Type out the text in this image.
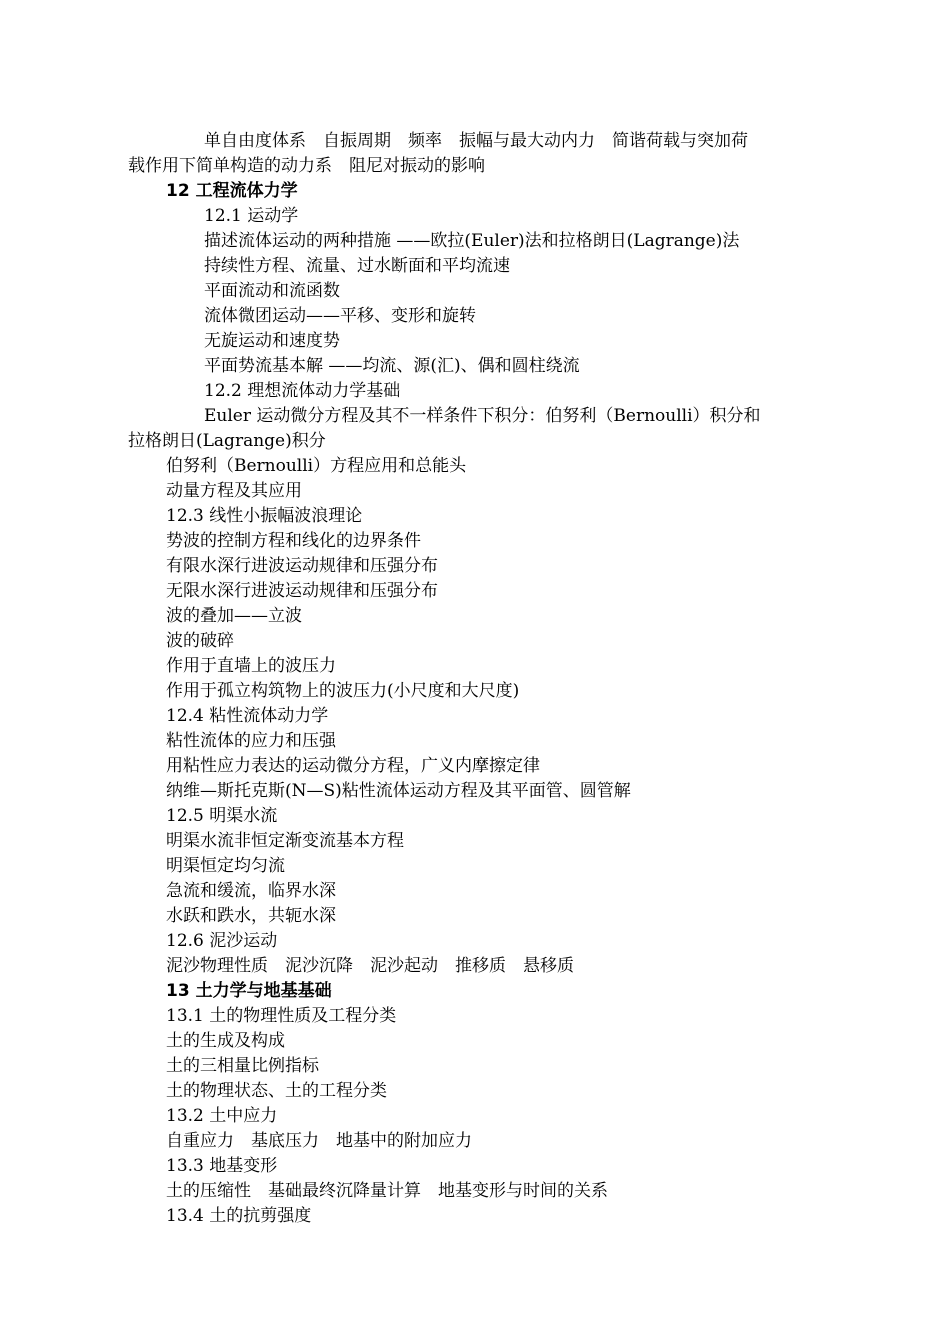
单自由度体系　自振周期　频率　振幅与最大动内力　简谐荷载与突加荷

载作用下简单构造的动力系　阻尼对振动的影响

12 工程流体力学

12.1 运动学

描述流体运动的两种措施 ——欧拉(Euler)法和拉格朗日(Lagrange)法

持续性方程、流量、过水断面和平均流速

平面流动和流函数

流体微团运动——平移、变形和旋转

无旋运动和速度势

平面势流基本解 ——均流、源(汇)、偶和圆柱绕流

12.2 理想流体动力学基础

Euler 运动微分方程及其不一样条件下积分：伯努利（Bernoulli）积分和

拉格朗日(Lagrange)积分

伯努利（Bernoulli）方程应用和总能头

动量方程及其应用

12.3 线性小振幅波浪理论

势波的控制方程和线化的边界条件

有限水深行进波运动规律和压强分布

无限水深行进波运动规律和压强分布

波的叠加——立波

波的破碎

作用于直墙上的波压力

作用于孤立构筑物上的波压力(小尺度和大尺度)

12.4 粘性流体动力学

粘性流体的应力和压强

用粘性应力表达的运动微分方程，广义内摩擦定律

纳维—斯托克斯(N—S)粘性流体运动方程及其平面管、圆管解

12.5 明渠水流

明渠水流非恒定渐变流基本方程

明渠恒定均匀流

急流和缓流，临界水深

水跃和跌水，共轭水深

12.6 泥沙运动

泥沙物理性质　泥沙沉降　泥沙起动　推移质　悬移质

13 土力学与地基基础

13.1 土的物理性质及工程分类

土的生成及构成

土的三相量比例指标

土的物理状态、土的工程分类

13.2 土中应力

自重应力　基底压力　地基中的附加应力

13.3 地基变形

土的压缩性　基础最终沉降量计算　地基变形与时间的关系

13.4 土的抗剪强度
